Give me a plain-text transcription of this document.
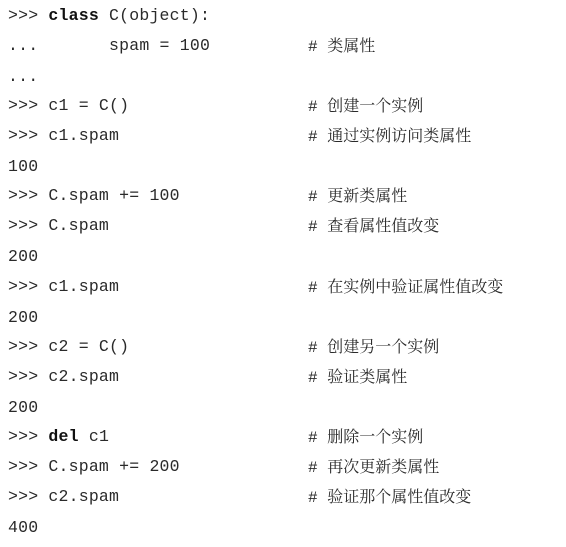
>>> class C(object):
...       spam = 100	# 类属性
...
>>> c1 = C()	# 创建一个实例
>>> c1.spam	# 通过实例访问类属性
100
>>> C.spam += 100	# 更新类属性
>>> C.spam	# 查看属性值改变
200
>>> c1.spam	# 在实例中验证属性值改变
200
>>> c2 = C()	# 创建另一个实例
>>> c2.spam	# 验证类属性
200
>>> del c1	# 删除一个实例
>>> C.spam += 200	# 再次更新类属性
>>> c2.spam	# 验证那个属性值改变
400
